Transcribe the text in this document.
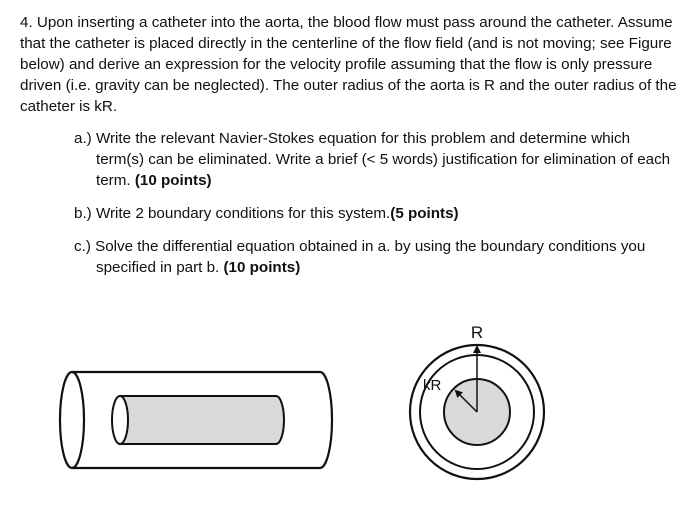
4. Upon inserting a catheter into the aorta, the blood flow must pass around the catheter. Assume that the catheter is placed directly in the centerline of the flow field (and is not moving; see Figure below) and derive an expression for the velocity profile assuming that the flow is only pressure driven (i.e. gravity can be neglected). The outer radius of the aorta is R and the outer radius of the catheter is kR.
a.) Write the relevant Navier-Stokes equation for this problem and determine which term(s) can be eliminated. Write a brief (< 5 words) justification for elimination of each term. (10 points)
b.) Write 2 boundary conditions for this system.(5 points)
c.) Solve the differential equation obtained in a. by using the boundary conditions you specified in part b. (10 points)
R
kR
